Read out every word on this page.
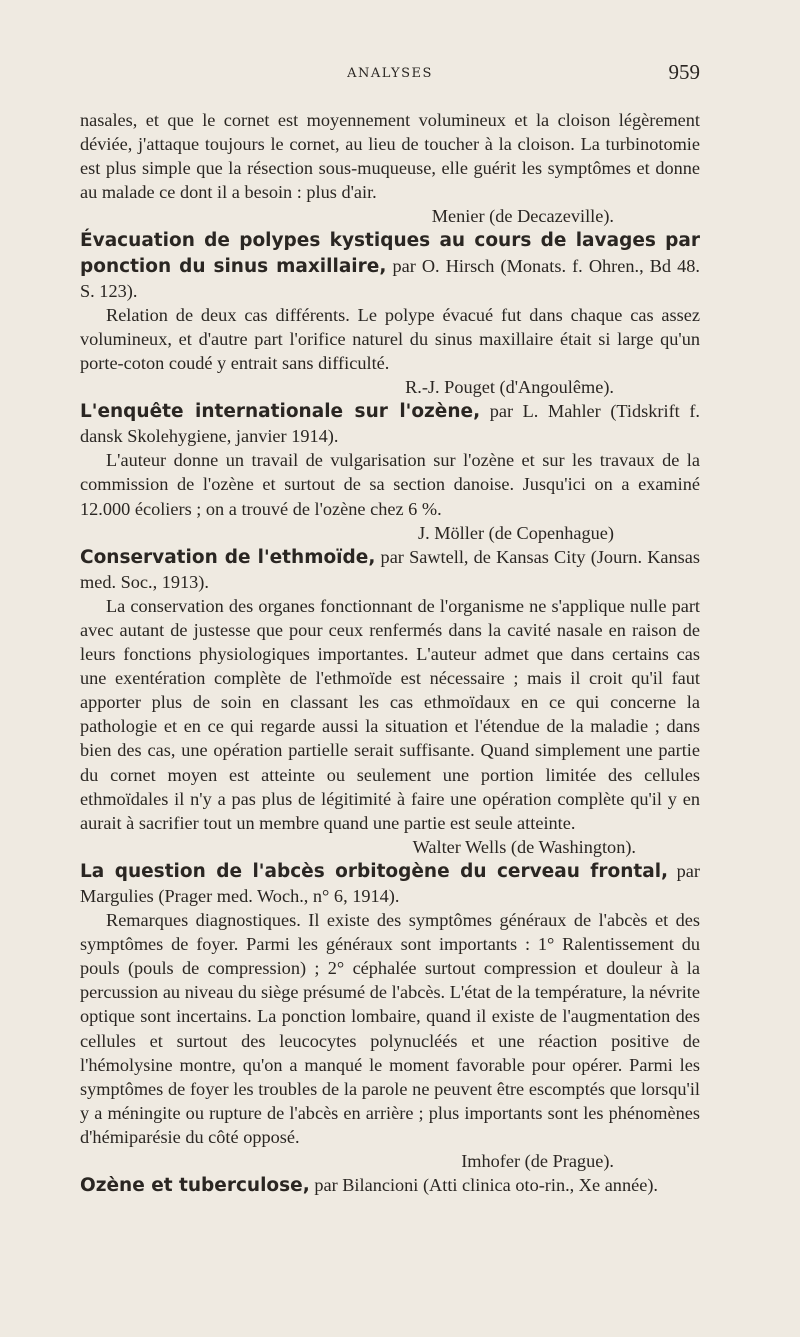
ANALYSES	959

nasales, et que le cornet est moyennement volumineux et la cloison légèrement déviée, j'attaque toujours le cornet, au lieu de toucher à la cloison. La turbinotomie est plus simple que la résection sous-muqueuse, elle guérit les symptômes et donne au malade ce dont il a besoin : plus d'air.

Menier (de Decazeville).

Évacuation de polypes kystiques au cours de lavages par ponction du sinus maxillaire, par O. Hirsch (Monats. f. Ohren., Bd 48. S. 123).

Relation de deux cas différents. Le polype évacué fut dans chaque cas assez volumineux, et d'autre part l'orifice naturel du sinus maxillaire était si large qu'un porte-coton coudé y entrait sans difficulté.

R.-J. Pouget (d'Angoulême).

L'enquête internationale sur l'ozène, par L. Mahler (Tidskrift f. dansk Skolehygiene, janvier 1914).

L'auteur donne un travail de vulgarisation sur l'ozène et sur les travaux de la commission de l'ozène et surtout de sa section danoise. Jusqu'ici on a examiné 12.000 écoliers ; on a trouvé de l'ozène chez 6 %.

J. Möller (de Copenhague)

Conservation de l'ethmoïde, par Sawtell, de Kansas City (Journ. Kansas med. Soc., 1913).

La conservation des organes fonctionnant de l'organisme ne s'applique nulle part avec autant de justesse que pour ceux renfermés dans la cavité nasale en raison de leurs fonctions physiologiques importantes. L'auteur admet que dans certains cas une exentération complète de l'ethmoïde est nécessaire ; mais il croit qu'il faut apporter plus de soin en classant les cas ethmoïdaux en ce qui concerne la pathologie et en ce qui regarde aussi la situation et l'étendue de la maladie ; dans bien des cas, une opération partielle serait suffisante. Quand simplement une partie du cornet moyen est atteinte ou seulement une portion limitée des cellules ethmoïdales il n'y a pas plus de légitimité à faire une opération complète qu'il y en aurait à sacrifier tout un membre quand une partie est seule atteinte.

Walter Wells (de Washington).

La question de l'abcès orbitogène du cerveau frontal, par Margulies (Prager med. Woch., n° 6, 1914).

Remarques diagnostiques. Il existe des symptômes généraux de l'abcès et des symptômes de foyer. Parmi les généraux sont importants : 1° Ralentissement du pouls (pouls de compression) ; 2° céphalée surtout compression et douleur à la percussion au niveau du siège présumé de l'abcès. L'état de la température, la névrite optique sont incertains. La ponction lombaire, quand il existe de l'augmentation des cellules et surtout des leucocytes polynucléés et une réaction positive de l'hémolysine montre, qu'on a manqué le moment favorable pour opérer. Parmi les symptômes de foyer les troubles de la parole ne peuvent être escomptés que lorsqu'il y a méningite ou rupture de l'abcès en arrière ; plus importants sont les phénomènes d'hémiparésie du côté opposé.

Imhofer (de Prague).

Ozène et tuberculose, par Bilancioni (Atti clinica oto-rin., Xe année).
